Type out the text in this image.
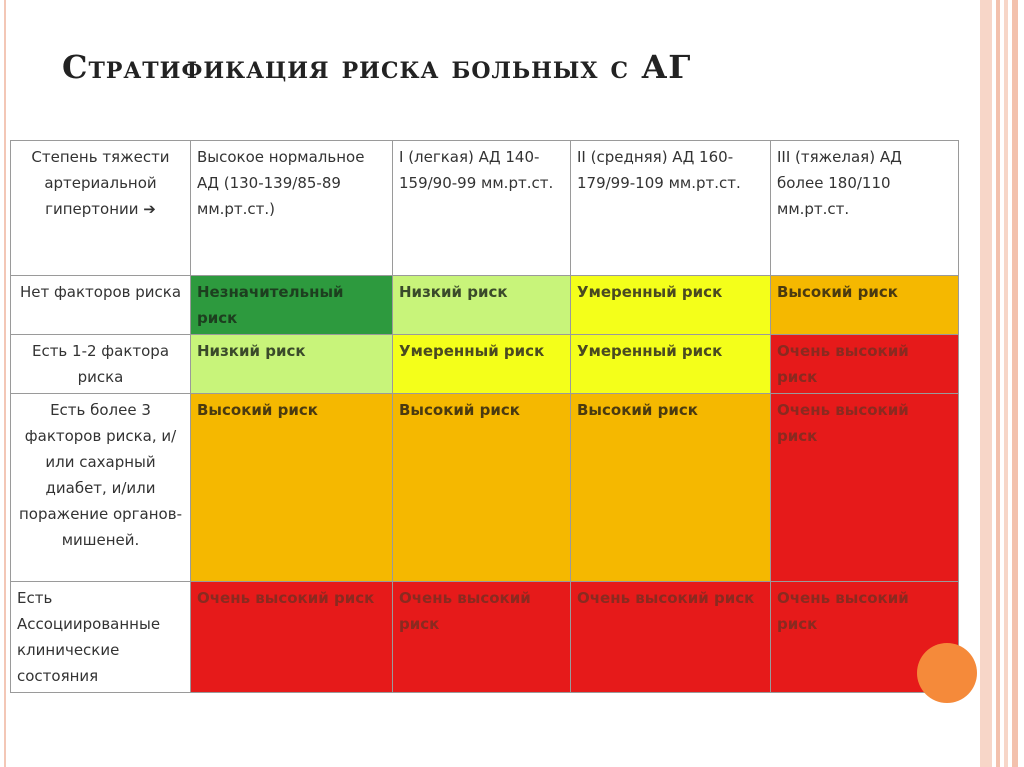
Стратификация риска больных с АГ
Степень тяжести артериальной гипертонии ➔	Высокое нормальное АД (130-139/85-89 мм.рт.ст.)	I (легкая) АД 140-159/90-99 мм.рт.ст.	II (средняя) АД 160-179/99-109 мм.рт.ст.	III (тяжелая) АД более 180/110 мм.рт.ст.
Нет факторов риска	Незначительный риск	Низкий риск	Умеренный риск	Высокий риск
Есть 1-2 фактора риска	Низкий риск	Умеренный риск	Умеренный риск	Очень высокий риск
Есть более 3 факторов риска, и/или сахарный диабет, и/или поражение органов-мишеней.	Высокий риск	Высокий риск	Высокий риск	Очень высокий риск
Есть Ассоциированные клинические состояния	Очень высокий риск	Очень высокий риск	Очень высокий риск	Очень высокий риск
